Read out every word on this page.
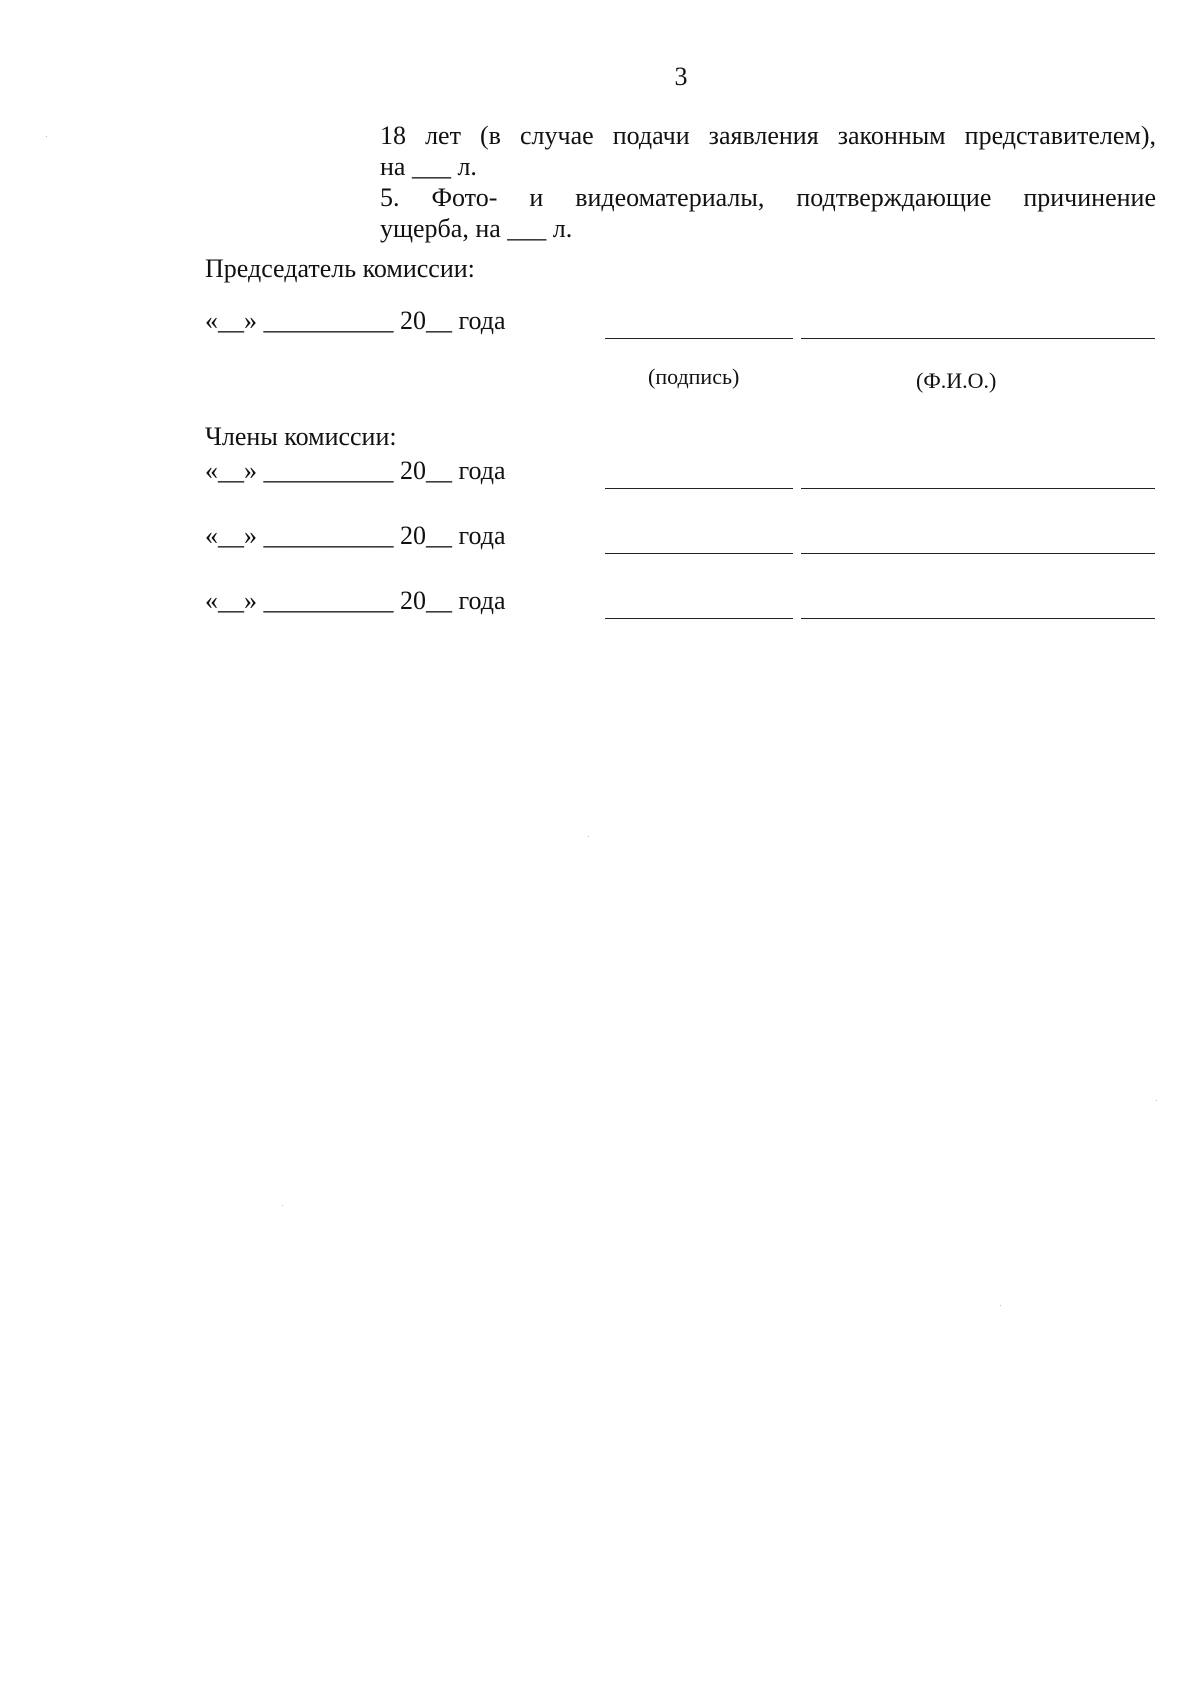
3
18 лет (в случае подачи заявления законным представителем),
на ___ л.
5. Фото- и видеоматериалы, подтверждающие причинение
ущерба, на ___ л.
Председатель комиссии:
«__» __________ 20__ года
(подпись)	(Ф.И.О.)
Члены комиссии:
«__» __________ 20__ года
«__» __________ 20__ года
«__» __________ 20__ года
